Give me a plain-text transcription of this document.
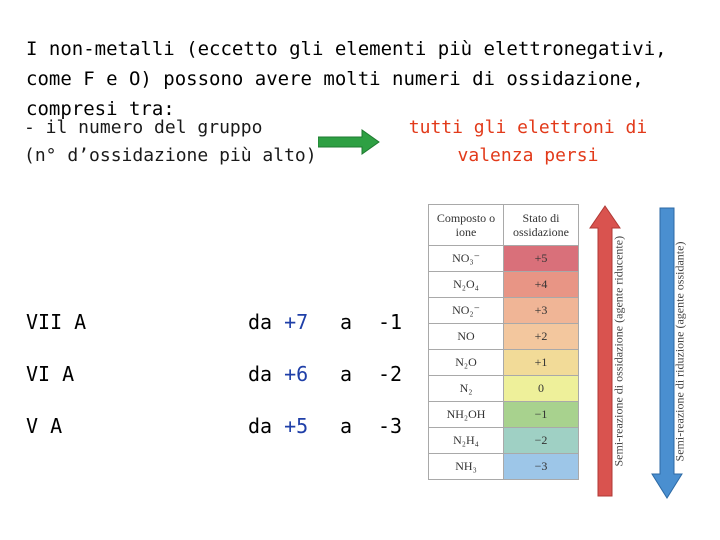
I non-metalli (eccetto gli elementi più elettronegativi, come F e O) possono avere molti numeri di ossidazione, compresi tra:
- il numero del gruppo
(n° d’ossidazione più alto)
tutti gli elettroni di
valenza persi
VII A	da +7 a -1
VI A	da +6 a -2
V A	da +5 a -3
Composto o ione	Stato di ossidazione
NO₃⁻	+5
N₂O₄	+4
NO₂⁻	+3
NO	+2
N₂O	+1
N₂	0
NH₂OH	−1
N₂H₄	−2
NH₃	−3	Semi-reazione di ossidazione (agente riducente)	Semi-reazione di riduzione (agente ossidante)
